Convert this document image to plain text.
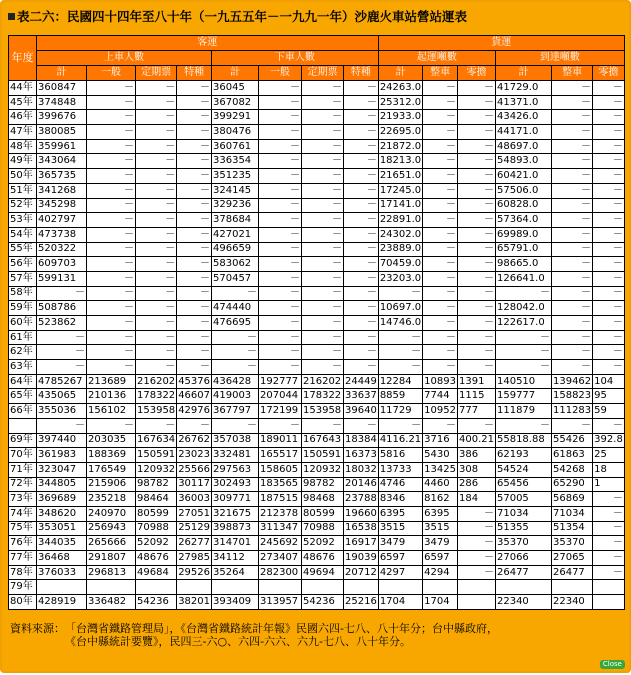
表二六：民國四十四年至八十年（一九五五年－一九九一年）沙鹿火車站營站運表
年度	客運								貨運					
	上車人數				下車人數				起運噸數			到達噸數		
	計	一般	定期票	特種	計	一般	定期票	特種	計	整車	零擔	計	整車	零擔
44年	360847	－	－	－	36045	－	－	－	24263.0	－	－	41729.0	－	－
45年	374848	－	－	－	367082	－	－	－	25312.0	－	－	41371.0	－	－
46年	399676	－	－	－	399291	－	－	－	21933.0	－	－	43426.0	－	－
47年	380085	－	－	－	380476	－	－	－	22695.0	－	－	44171.0	－	－
48年	359961	－	－	－	360761	－	－	－	21872.0	－	－	48697.0	－	－
49年	343064	－	－	－	336354	－	－	－	18213.0	－	－	54893.0	－	－
50年	365735	－	－	－	351235	－	－	－	21651.0	－	－	60421.0	－	－
51年	341268	－	－	－	324145	－	－	－	17245.0	－	－	57506.0	－	－
52年	345298	－	－	－	329236	－	－	－	17141.0	－	－	60828.0	－	－
53年	402797	－	－	－	378684	－	－	－	22891.0	－	－	57364.0	－	－
54年	473738	－	－	－	427021	－	－	－	24302.0	－	－	69989.0	－	－
55年	520322	－	－	－	496659	－	－	－	23889.0	－	－	65791.0	－	－
56年	609703	－	－	－	583062	－	－	－	70459.0	－	－	98665.0	－	－
57年	599131	－	－	－	570457	－	－	－	23203.0	－	－	126641.0	－	－
58年	－	－	－	－	－	－	－	－	－	－	－	－	－	－
59年	508786	－	－	－	474440	－	－	－	10697.0	－	－	128042.0	－	－
60年	523862	－	－	－	476695	－	－	－	14746.0	－	－	122617.0	－	－
61年	－	－	－	－	－	－	－	－	－	－	－	－	－	－
62年	－	－	－	－	－	－	－	－	－	－	－	－	－	－
63年	－	－	－	－	－	－	－	－	－	－	－	－	－	－
64年	4785267	213689	216202	45376	436428	192777	216202	24449	12284	10893	1391	140510	139462	104
65年	435065	210136	178322	46607	419003	207044	178322	33637	8859	7744	1115	159777	158823	95
66年	355036	156102	153958	42976	367797	172199	153958	39640	11729	10952	777	111879	111283	59
	－	－	－	－	－	－	－	－	－	－	－	－	－	－
69年	397440	203035	167634	26762	357038	189011	167643	18384	4116.21	3716	400.21	55818.88	55426	392.8
70年	361983	188369	150591	23023	332481	165517	150591	16373	5816	5430	386	62193	61863	25
71年	323047	176549	120932	25566	297563	158605	120932	18032	13733	13425	308	54524	54268	18
72年	344805	215906	98782	30117	302493	183565	98782	20146	4746	4460	286	65456	65290	1
73年	369689	235218	98464	36003	309771	187515	98468	23788	8346	8162	184	57005	56869	－
74年	348620	240970	80599	27051	321675	212378	80599	19660	6395	6395	－	71034	71034	－
75年	353051	256943	70988	25129	398873	311347	70988	16538	3515	3515	－	51355	51354	－
76年	344035	265666	52092	26277	314701	245692	52092	16917	3479	3479	－	35370	35370	－
77年	36468	291807	48676	27985	34112	273407	48676	19039	6597	6597	－	27066	27065	－
78年	376033	296813	49684	29526	35264	282300	49694	20712	4297	4294	－	26477	26477	－
79年														
80年	428919	336482	54236	38201	393409	313957	54236	25216	1704	1704		22340	22340	
資料來源：「台灣省鐵路管理局」，《台灣省鐵路統計年報》民國六四-七八、八十年分；台中縣政府，
《台中縣統計要覽》，民四三-六○、六四-六六、六九-七八、八十年分。
Close
